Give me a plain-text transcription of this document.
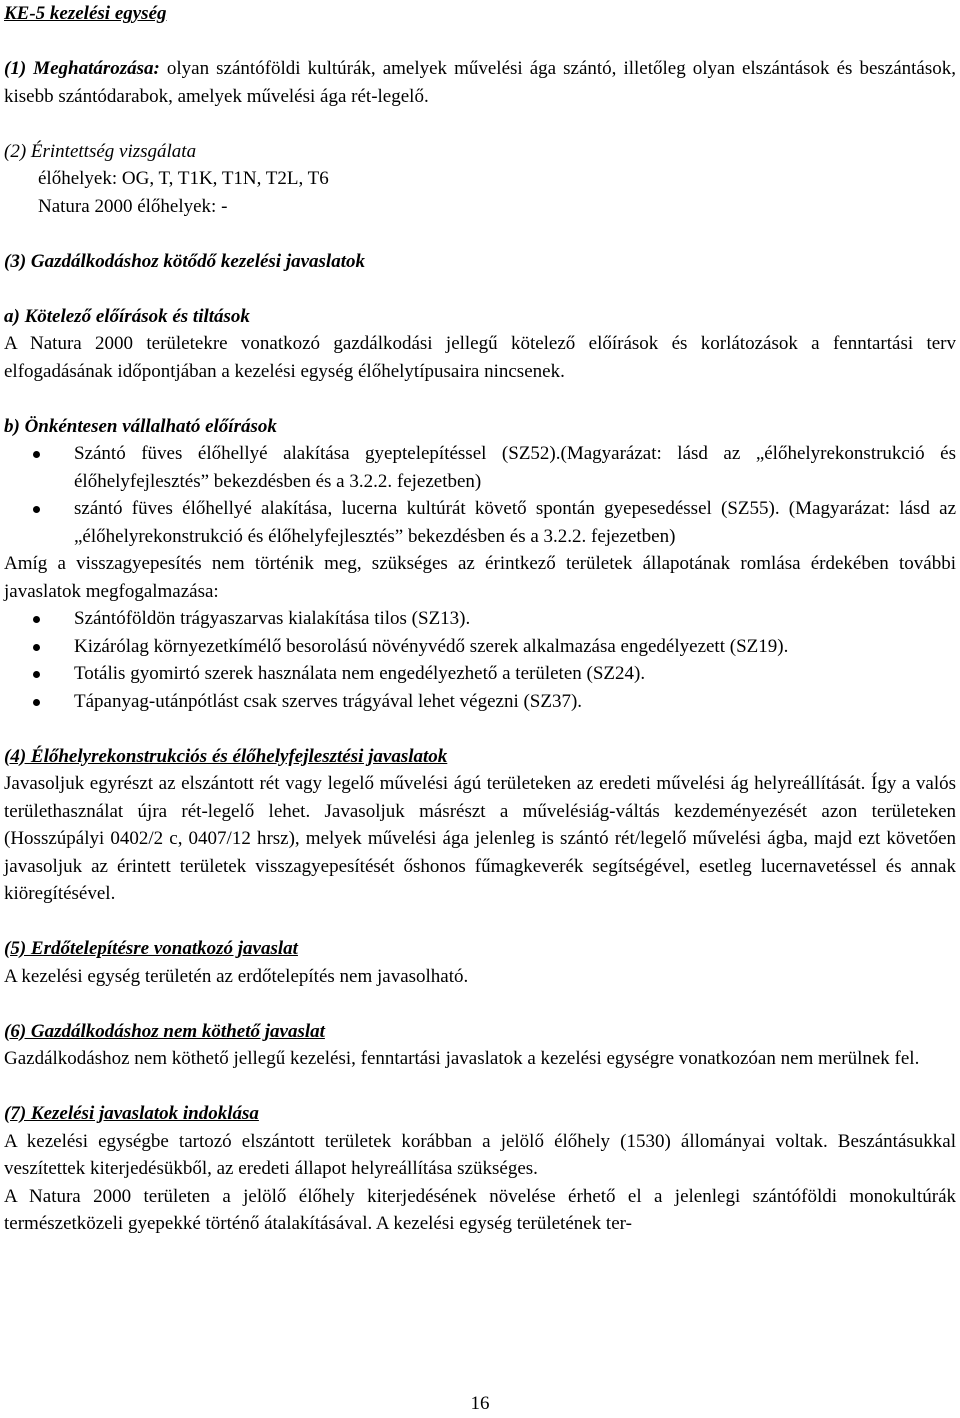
KE-5 kezelési egység

(1) Meghatározása: olyan szántóföldi kultúrák, amelyek művelési ága szántó, illetőleg olyan elszántások és beszántások, kisebb szántódarabok, amelyek művelési ága rét-legelő.

(2) Érintettség vizsgálata

élőhelyek: OG, T, T1K, T1N, T2L, T6

Natura 2000 élőhelyek: -

(3) Gazdálkodáshoz kötődő kezelési javaslatok
a) Kötelező előírások és tiltások

A Natura 2000 területekre vonatkozó gazdálkodási jellegű kötelező előírások és korlátozások a fenntartási terv elfogadásának időpontjában a kezelési egység élőhelytípusaira nincsenek.

b) Önkéntesen vállalható előírások
Szántó füves élőhellyé alakítása gyeptelepítéssel (SZ52).(Magyarázat: lásd az „élőhelyrekonstrukció és élőhelyfejlesztés” bekezdésben és a 3.2.2. fejezetben)
szántó füves élőhellyé alakítása, lucerna kultúrát követő spontán gyepesedéssel (SZ55). (Magyarázat: lásd az „élőhelyrekonstrukció és élőhelyfejlesztés” bekezdésben és a 3.2.2. fejezetben)

Amíg a visszagyepesítés nem történik meg, szükséges az érintkező területek állapotának romlása érdekében további javaslatok megfogalmazása:

Szántóföldön trágyaszarvas kialakítása tilos (SZ13).
Kizárólag környezetkímélő besorolású növényvédő szerek alkalmazása engedélyezett (SZ19).
Totális gyomirtó szerek használata nem engedélyezhető a területen (SZ24).
Tápanyag-utánpótlást csak szerves trágyával lehet végezni (SZ37).
(4) Élőhelyrekonstrukciós és élőhelyfejlesztési javaslatok

Javasoljuk egyrészt az elszántott rét vagy legelő művelési ágú területeken az eredeti művelési ág helyreállítását. Így a valós területhasználat újra rét-legelő lehet. Javasoljuk másrészt a művelésiág-váltás kezdeményezését azon területeken (Hosszúpályi 0402/2 c, 0407/12 hrsz), melyek művelési ága jelenleg is szántó rét/legelő művelési ágba, majd ezt követően javasoljuk az érintett területek visszagyepesítését őshonos fűmagkeverék segítségével, esetleg lucernavetéssel és annak kiöregítésével.

(5) Erdőtelepítésre vonatkozó javaslat

A kezelési egység területén az erdőtelepítés nem javasolható.

(6) Gazdálkodáshoz nem köthető javaslat

Gazdálkodáshoz nem köthető jellegű kezelési, fenntartási javaslatok a kezelési egységre vonatkozóan nem merülnek fel.

(7) Kezelési javaslatok indoklása

A kezelési egységbe tartozó elszántott területek korábban a jelölő élőhely (1530) állományai voltak. Beszántásukkal veszítettek kiterjedésükből, az eredeti állapot helyreállítása szükséges.

A Natura 2000 területen a jelölő élőhely kiterjedésének növelése érhető el a jelenlegi szántóföldi monokultúrák természetközeli gyepekké történő átalakításával. A kezelési egység területének ter-

16
